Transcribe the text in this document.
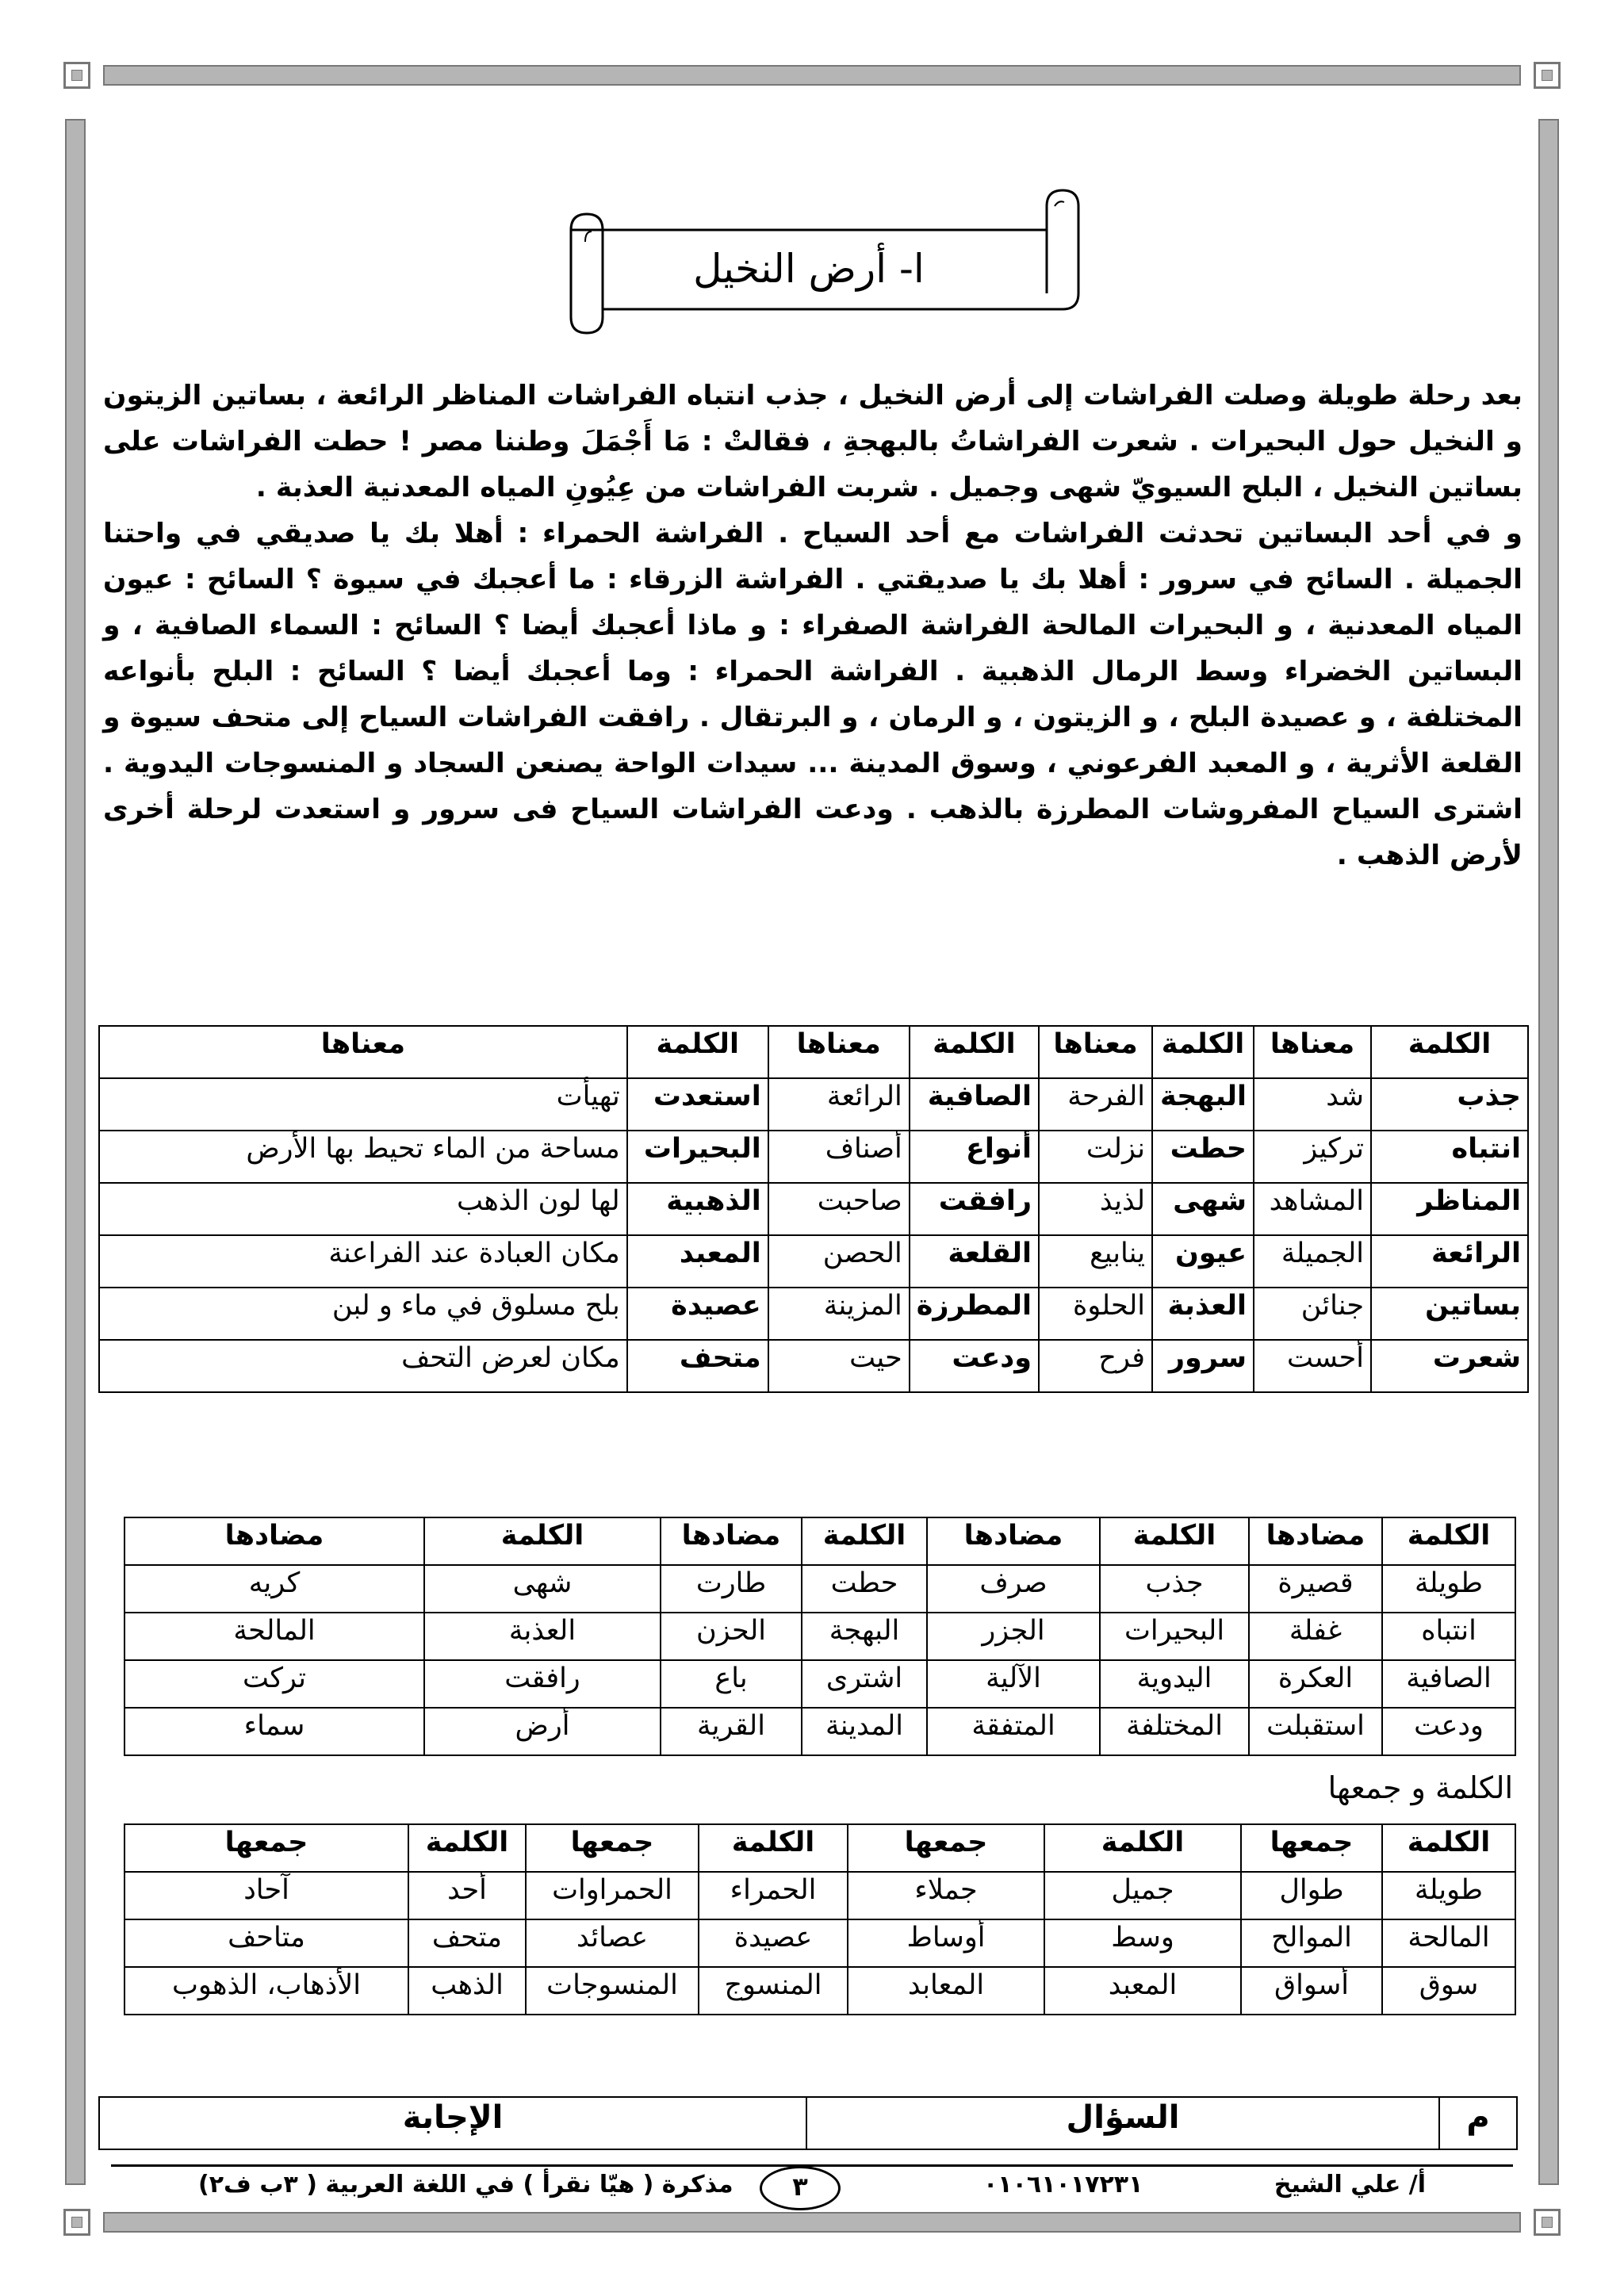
ا- أرض النخيل

بعد رحلة طويلة وصلت الفراشات إلى أرض النخيل ، جذب انتباه الفراشات المناظر الرائعة ، بساتين الزيتون و النخيل حول البحيرات . شعرت الفراشاتُ بالبهجةِ ، فقالتْ : مَا أَجْمَلَ وطننا مصر ! حطت الفراشات على بساتين النخيل ، البلح السيويّ شهى وجميل . شربت الفراشات من عِيُونِ المياه المعدنية العذبة .

و في أحد البساتين تحدثت الفراشات مع أحد السياح . الفراشة الحمراء : أهلا بك يا صديقي في واحتنا الجميلة . السائح في سرور : أهلا بك يا صديقتي . الفراشة الزرقاء : ما أعجبك في سيوة ؟ السائح : عيون المياه المعدنية ، و البحيرات المالحة الفراشة الصفراء : و ماذا أعجبك أيضا ؟ السائح : السماء الصافية ، و البساتين الخضراء وسط الرمال الذهبية . الفراشة الحمراء : وما أعجبك أيضا ؟ السائح : البلح بأنواعه المختلفة ، و عصيدة البلح ، و الزيتون ، و الرمان ، و البرتقال . رافقت الفراشات السياح إلى متحف سيوة و القلعة الأثرية ، و المعبد الفرعوني ، وسوق المدينة ... سيدات الواحة يصنعن السجاد و المنسوجات اليدوية . اشترى السياح المفروشات المطرزة بالذهب . ودعت الفراشات السياح فى سرور و استعدت لرحلة أخرى لأرض الذهب .

الكلمة	معناها	الكلمة	معناها	الكلمة	معناها	الكلمة	معناها
جذب	شد	البهجة	الفرحة	الصافية	الرائعة	استعدت	تهيأت
انتباه	تركيز	حطت	نزلت	أنواع	أصناف	البحيرات	مساحة من الماء تحيط بها الأرض
المناظر	المشاهد	شهى	لذيذ	رافقت	صاحبت	الذهبية	لها لون الذهب
الرائعة	الجميلة	عيون	ينابيع	القلعة	الحصن	المعبد	مكان العبادة عند الفراعنة
بساتين	جنائن	العذبة	الحلوة	المطرزة	المزينة	عصيدة	بلح مسلوق في ماء و لبن
شعرت	أحست	سرور	فرح	ودعت	حيت	متحف	مكان لعرض التحف
الكلمة	مضادها	الكلمة	مضادها	الكلمة	مضادها	الكلمة	مضادها
طويلة	قصيرة	جذب	صرف	حطت	طارت	شهى	كريه
انتباه	غفلة	البحيرات	الجزر	البهجة	الحزن	العذبة	المالحة
الصافية	العكرة	اليدوية	الآلية	اشترى	باع	رافقت	تركت
ودعت	استقبلت	المختلفة	المتفقة	المدينة	القرية	أرض	سماء
الكلمة و جمعها
الكلمة	جمعها	الكلمة	جمعها	الكلمة	جمعها	الكلمة	جمعها
طويلة	طوال	جميل	جملاء	الحمراء	الحمراوات	أحد	آحاد
المالحة	الموالح	وسط	أوساط	عصيدة	عصائد	متحف	متاحف
سوق	أسواق	المعبد	المعابد	المنسوج	المنسوجات	الذهب	الأذهاب، الذهوب
م	السؤال	الإجابة
أ/ علي الشيخ
٠١٠٦١٠١٧٢٣١
٣
مذكرة ( هيّا نقرأ ) في اللغة العربية ( ٣ب ف٢)
